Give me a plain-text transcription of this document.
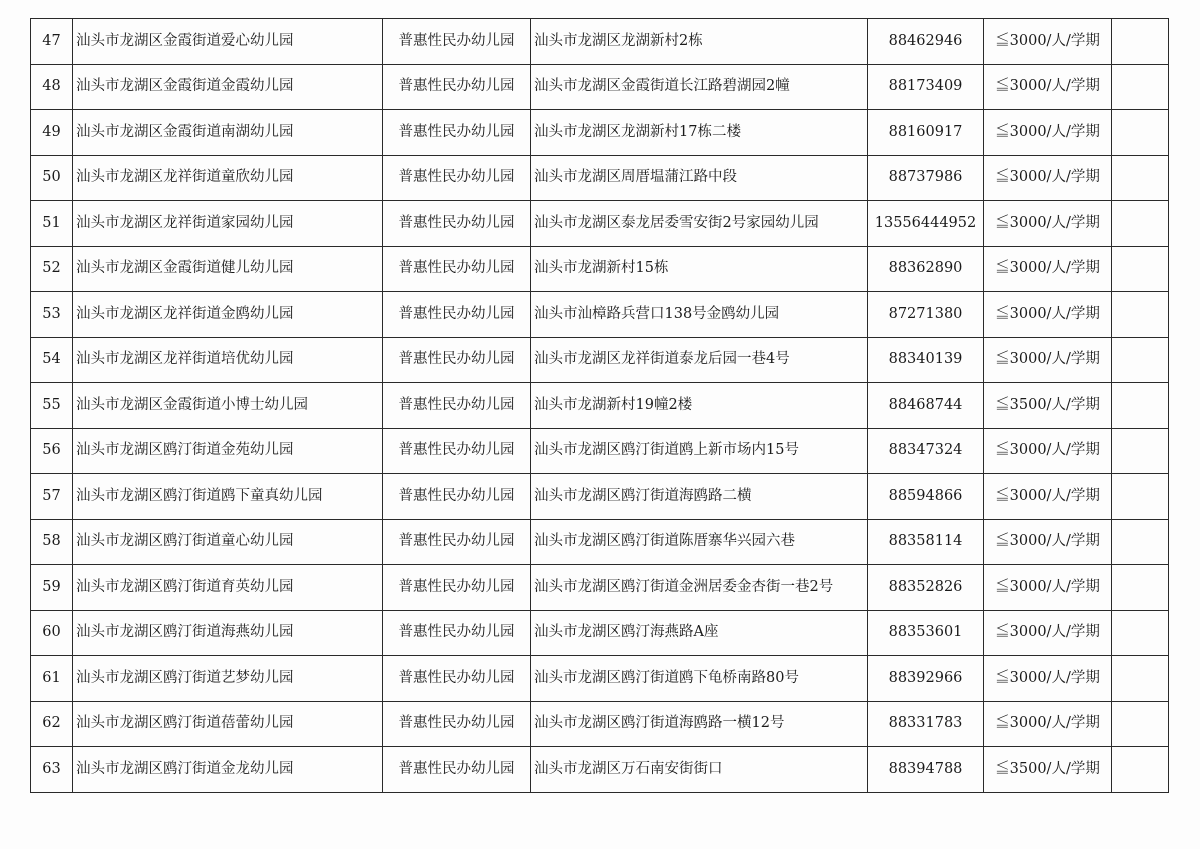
47	汕头市龙湖区金霞街道爱心幼儿园	普惠性民办幼儿园	汕头市龙湖区龙湖新村2栋	88462946	≦3000/人/学期	
48	汕头市龙湖区金霞街道金霞幼儿园	普惠性民办幼儿园	汕头市龙湖区金霞街道长江路碧湖园2幢	88173409	≦3000/人/学期	
49	汕头市龙湖区金霞街道南湖幼儿园	普惠性民办幼儿园	汕头市龙湖区龙湖新村17栋二楼	88160917	≦3000/人/学期	
50	汕头市龙湖区龙祥街道童欣幼儿园	普惠性民办幼儿园	汕头市龙湖区周厝塭蒲江路中段	88737986	≦3000/人/学期	
51	汕头市龙湖区龙祥街道家园幼儿园	普惠性民办幼儿园	汕头市龙湖区泰龙居委雪安街2号家园幼儿园	13556444952	≦3000/人/学期	
52	汕头市龙湖区金霞街道健儿幼儿园	普惠性民办幼儿园	汕头市龙湖新村15栋	88362890	≦3000/人/学期	
53	汕头市龙湖区龙祥街道金鸥幼儿园	普惠性民办幼儿园	汕头市汕樟路兵营口138号金鸥幼儿园	87271380	≦3000/人/学期	
54	汕头市龙湖区龙祥街道培优幼儿园	普惠性民办幼儿园	汕头市龙湖区龙祥街道泰龙后园一巷4号	88340139	≦3000/人/学期	
55	汕头市龙湖区金霞街道小博士幼儿园	普惠性民办幼儿园	汕头市龙湖新村19幢2楼	88468744	≦3500/人/学期	
56	汕头市龙湖区鸥汀街道金苑幼儿园	普惠性民办幼儿园	汕头市龙湖区鸥汀街道鸥上新市场内15号	88347324	≦3000/人/学期	
57	汕头市龙湖区鸥汀街道鸥下童真幼儿园	普惠性民办幼儿园	汕头市龙湖区鸥汀街道海鸥路二横	88594866	≦3000/人/学期	
58	汕头市龙湖区鸥汀街道童心幼儿园	普惠性民办幼儿园	汕头市龙湖区鸥汀街道陈厝寨华兴园六巷	88358114	≦3000/人/学期	
59	汕头市龙湖区鸥汀街道育英幼儿园	普惠性民办幼儿园	汕头市龙湖区鸥汀街道金洲居委金杏街一巷2号	88352826	≦3000/人/学期	
60	汕头市龙湖区鸥汀街道海燕幼儿园	普惠性民办幼儿园	汕头市龙湖区鸥汀海燕路A座	88353601	≦3000/人/学期	
61	汕头市龙湖区鸥汀街道艺梦幼儿园	普惠性民办幼儿园	汕头市龙湖区鸥汀街道鸥下龟桥南路80号	88392966	≦3000/人/学期	
62	汕头市龙湖区鸥汀街道蓓蕾幼儿园	普惠性民办幼儿园	汕头市龙湖区鸥汀街道海鸥路一横12号	88331783	≦3000/人/学期	
63	汕头市龙湖区鸥汀街道金龙幼儿园	普惠性民办幼儿园	汕头市龙湖区万石南安街街口	88394788	≦3500/人/学期	
